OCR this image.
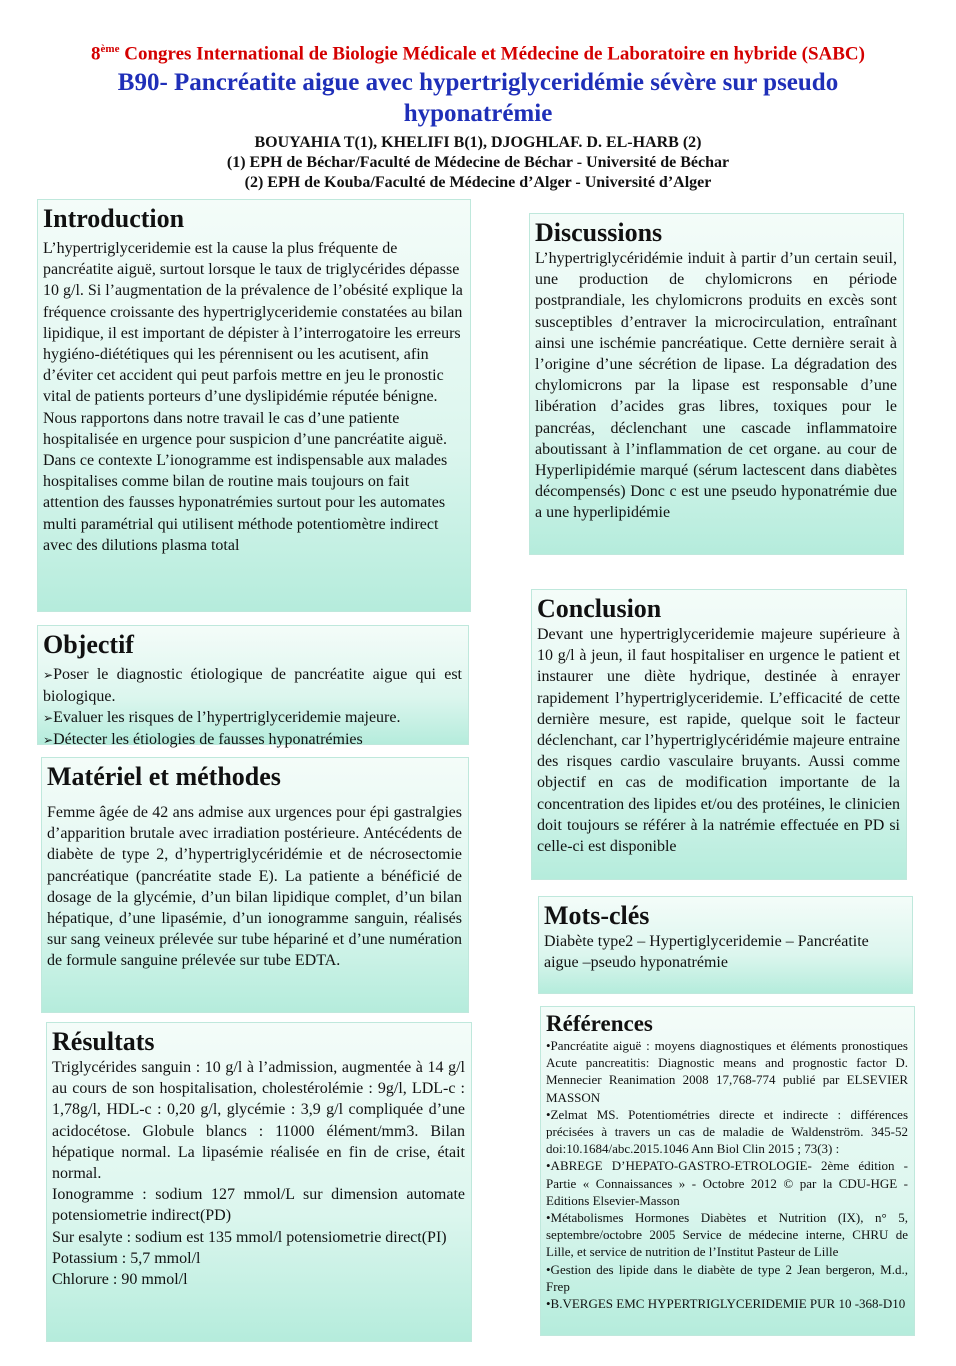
8ème Congres International de Biologie Médicale et Médecine de Laboratoire en hybride (SABC)
B90- Pancréatite aigue avec hypertriglyceridémie sévère sur pseudo hyponatrémie
BOUYAHIA T(1), KHELIFI B(1), DJOGHLAF. D. EL-HARB (2)
(1) EPH de Béchar/Faculté de Médecine de Béchar - Université de Béchar
(2) EPH de Kouba/Faculté de Médecine d’Alger - Université d’Alger
Introduction

L’hypertriglyceridemie est la cause la plus fréquente de pancréatite aiguë, surtout lorsque le taux de triglycérides dépasse 10 g/l. Si l’augmentation de la prévalence de l’obésité explique la fréquence croissante des hypertriglyceridemie constatées au bilan lipidique, il est important de dépister à l’interrogatoire les erreurs hygiéno-diététiques qui les pérennisent ou les acutisent, afin d’éviter cet accident qui peut parfois mettre en jeu le pronostic vital de patients porteurs d’une dyslipidémie réputée bénigne. Nous rapportons dans notre travail le cas d’une patiente hospitalisée en urgence pour suspicion d’une pancréatite aiguë. Dans ce contexte L’ionogramme est indispensable aux malades hospitalises comme bilan de routine mais toujours on fait attention des fausses hyponatrémies surtout pour les automates multi paramétrial qui utilisent méthode potentiomètre indirect avec des dilutions plasma total

Objectif
➢Poser le diagnostic étiologique de pancréatite aigue qui est biologique.
➢Evaluer les risques de l’hypertriglyceridemie majeure.
➢Détecter les étiologies de fausses hyponatrémies
Matériel et méthodes

Femme âgée de 42 ans admise aux urgences pour épi gastralgies d’apparition brutale avec irradiation postérieure. Antécédents de diabète de type 2, d’hypertriglycéridémie et de nécrosectomie pancréatique (pancréatite stade E). La patiente a bénéficié de dosage de la glycémie, d’un bilan lipidique complet, d’un bilan hépatique, d’une lipasémie, d’un ionogramme sanguin, réalisés sur sang veineux prélevée sur tube hépariné et d’une numération de formule sanguine prélevée sur tube EDTA.

Résultats

Triglycérides sanguin : 10 g/l à l’admission, augmentée à 14 g/l au cours de son hospitalisation, cholestérolémie : 9g/l, LDL-c : 1,78g/l, HDL-c : 0,20 g/l, glycémie : 3,9 g/l compliquée d’une acidocétose. Globule blancs : 11000 élément/mm3. Bilan hépatique normal. La lipasémie réalisée en fin de crise, était normal.

Ionogramme : sodium 127 mmol/L sur dimension automate potensiometrie indirect(PD)

Sur esalyte : sodium est 135 mmol/l potensiometrie direct(PI)

Potassium : 5,7 mmol/l

Chlorure : 90 mmol/l

Discussions

L’hypertriglycéridémie induit à partir d’un certain seuil, une production de chylomicrons en période postprandiale, les chylomicrons produits en excès sont susceptibles d’entraver la microcirculation, entraînant ainsi une ischémie pancréatique. Cette dernière serait à l’origine d’une sécrétion de lipase. La dégradation des chylomicrons par la lipase est responsable d’une libération d’acides gras libres, toxiques pour le pancréas, déclenchant une cascade inflammatoire aboutissant à l’inflammation de cet organe. au cour de Hyperlipidémie marqué (sérum lactescent dans diabètes décompensés) Donc c est une pseudo hyponatrémie due a une hyperlipidémie

Conclusion

Devant une hypertriglyceridemie majeure supérieure à 10 g/l à jeun, il faut hospitaliser en urgence le patient et instaurer une diète hydrique, destinée à enrayer rapidement l’hypertriglyceridemie. L’efficacité de cette dernière mesure, est rapide, quelque soit le facteur déclenchant, car l’hypertriglycéridémie majeure entraine des risques cardio vasculaire bruyants. Aussi comme objectif en cas de modification importante de la concentration des lipides et/ou des protéines, le clinicien doit toujours se référer à la natrémie effectuée en PD si celle-ci est disponible

Mots-clés

Diabète type2 – Hypertiglyceridemie – Pancréatite aigue –pseudo hyponatrémie

Références

•Pancréatite aiguë : moyens diagnostiques et éléments pronostiques Acute pancreatitis: Diagnostic means and prognostic factor D. Mennecier Reanimation 2008 17,768-774 publié par ELSEVIER MASSON

•Zelmat MS. Potentiométries directe et indirecte : différences précisées à travers un cas de maladie de Waldenström. 345-52 doi:10.1684/abc.2015.1046 Ann Biol Clin 2015 ; 73(3) :

•ABREGE D’HEPATO-GASTRO-ETROLOGIE- 2ème édition - Partie « Connaissances » - Octobre 2012 © par la CDU-HGE - Editions Elsevier-Masson

•Métabolismes Hormones Diabètes et Nutrition (IX), n° 5, septembre/octobre 2005 Service de médecine interne, CHRU de Lille, et service de nutrition de l’Institut Pasteur de Lille

•Gestion des lipide dans le diabète de type 2 Jean bergeron, M.d., Frep

•B.VERGES EMC HYPERTRIGLYCERIDEMIE PUR 10 -368-D10
